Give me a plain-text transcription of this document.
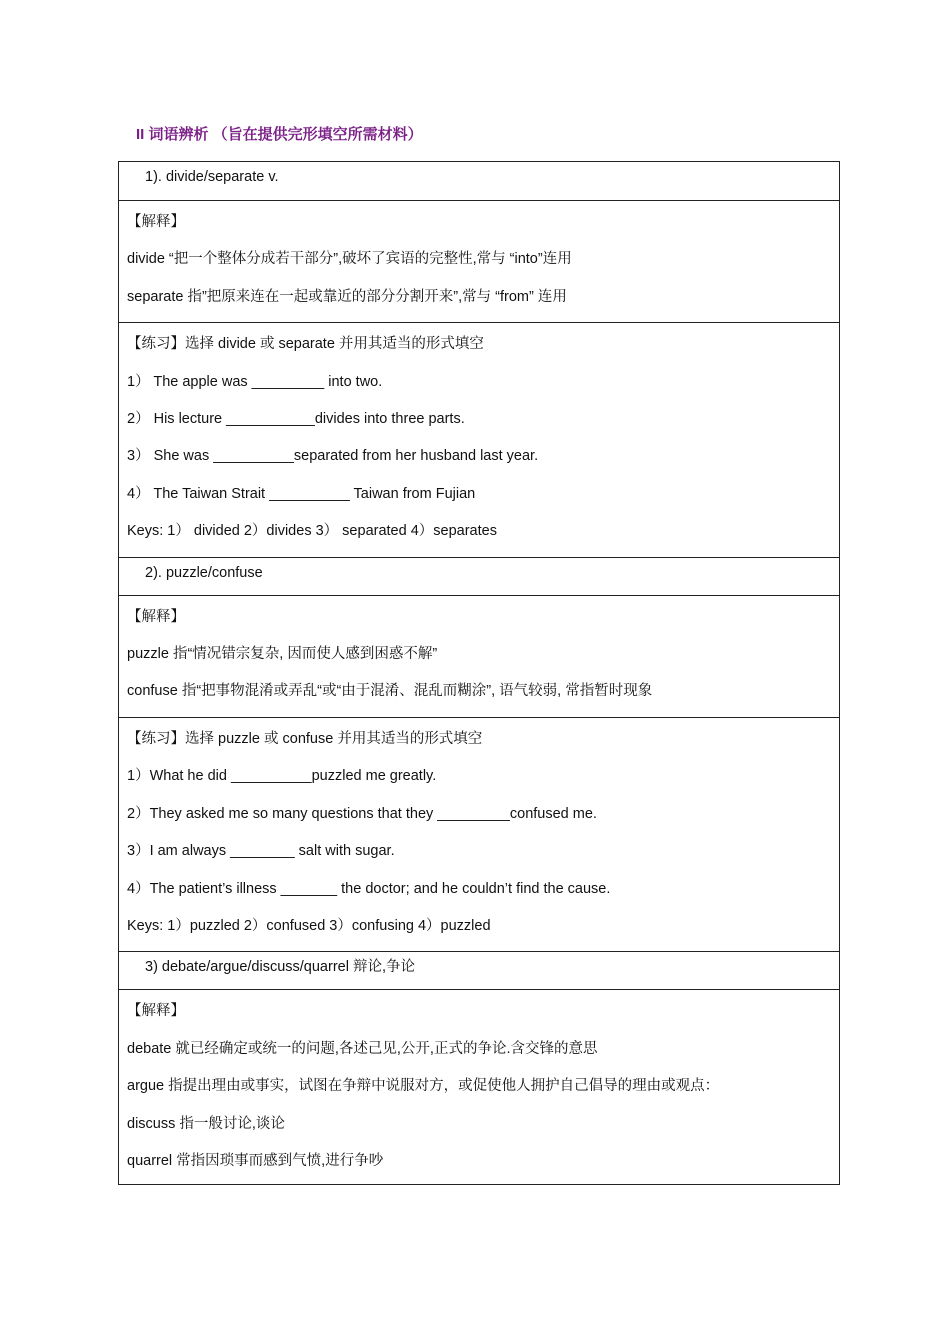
II 词语辨析 （旨在提供完形填空所需材料）
1). divide/separate v.
【解释】
divide “把一个整体分成若干部分”,破坏了宾语的完整性,常与 “into”连用
separate 指”把原来连在一起或靠近的部分分割开来”,常与 “from” 连用
【练习】选择 divide 或 separate 并用其适当的形式填空
1） The apple was _________ into two.
2） His lecture ___________divides into three parts.
3） She was __________separated from her husband last year.
4） The Taiwan Strait __________ Taiwan from Fujian
Keys: 1） divided 2）divides 3） separated 4）separates
2). puzzle/confuse
【解释】
puzzle 指“情况错宗复杂, 因而使人感到困惑不解”
confuse 指“把事物混淆或弄乱“或“由于混淆、混乱而糊涂”, 语气较弱, 常指暂时现象
【练习】选择 puzzle 或 confuse 并用其适当的形式填空
1）What he did __________puzzled me greatly.
2）They asked me so many questions that they _________confused me.
3）I am always ________ salt with sugar.
4）The patient’s illness _______ the doctor; and he couldn’t find the cause.
Keys: 1）puzzled 2）confused 3）confusing 4）puzzled
3) debate/argue/discuss/quarrel 辩论,争论
【解释】
debate 就已经确定或统一的问题,各述己见,公开,正式的争论.含交锋的意思
argue 指提出理由或事实，试图在争辩中说服对方，或促使他人拥护自己倡导的理由或观点：
discuss 指一般讨论,谈论
quarrel 常指因琐事而感到气愤,进行争吵
